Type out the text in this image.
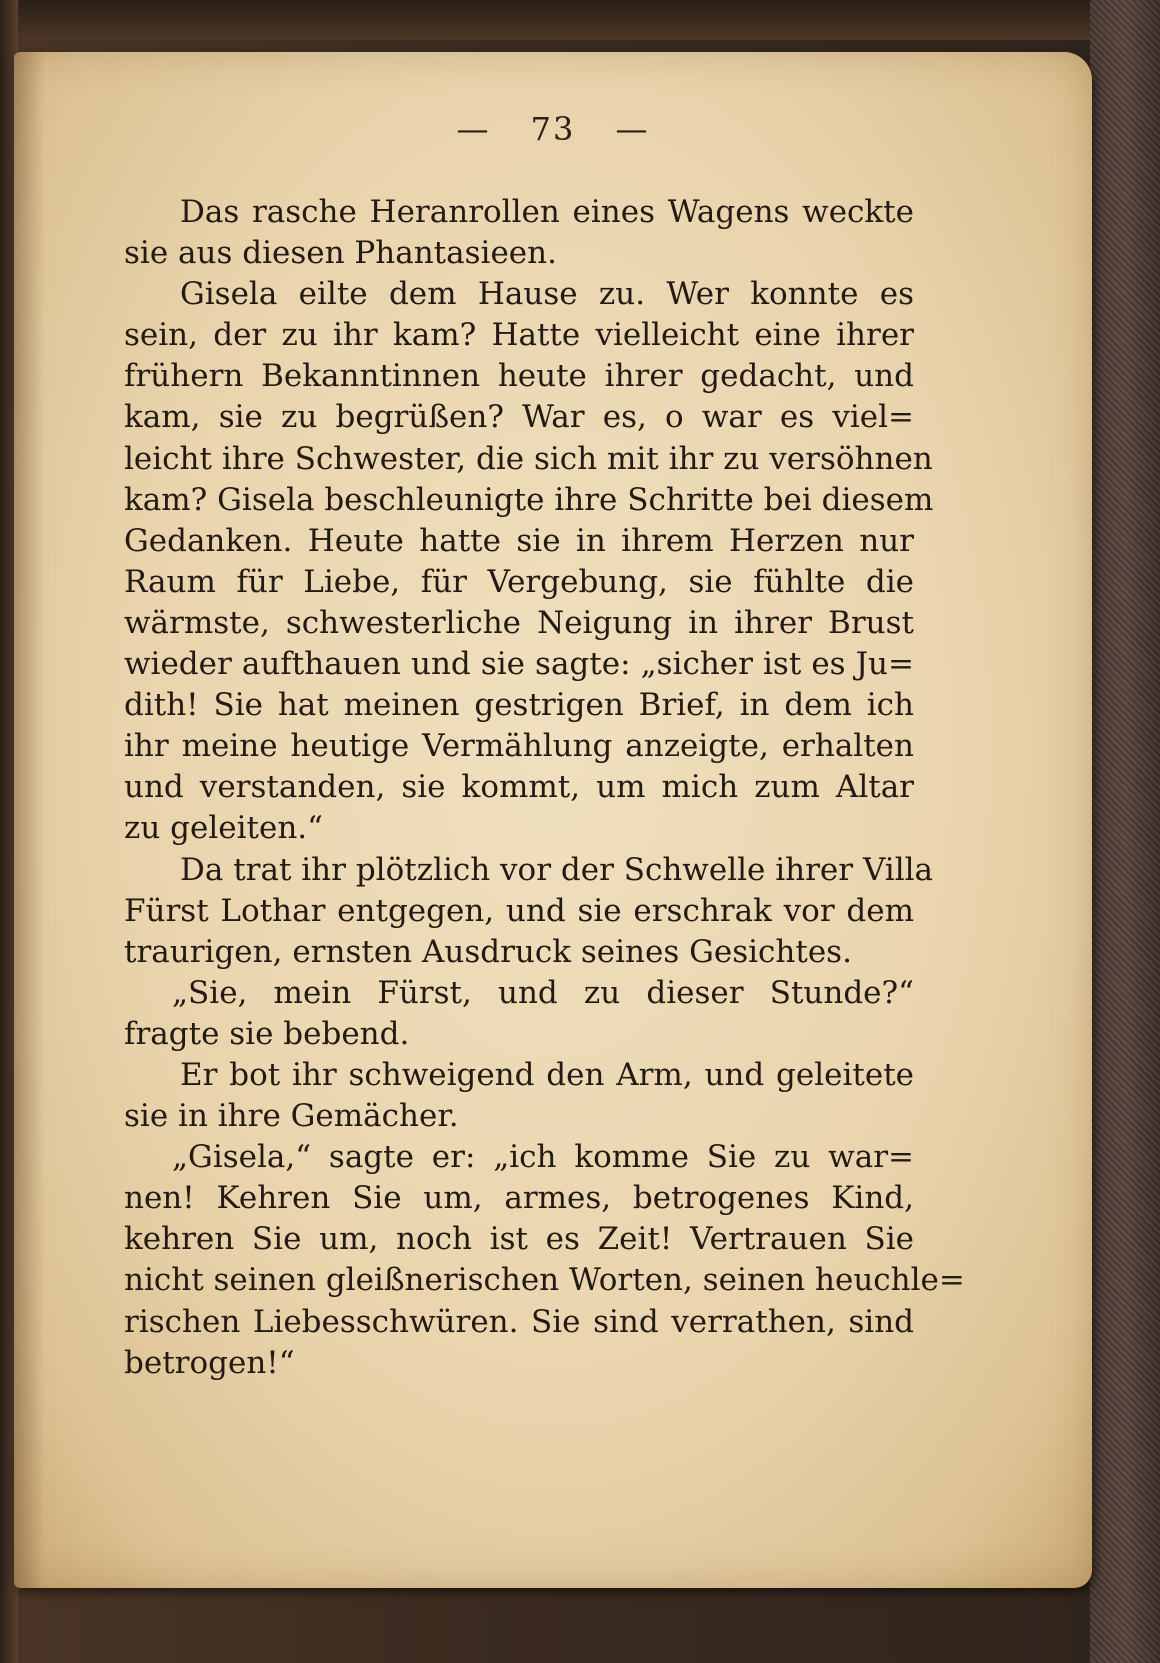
— 73 —
Das rasche Heranrollen eines Wagens weckte
sie aus diesen Phantasieen.
Gisela eilte dem Hause zu. Wer konnte es
sein, der zu ihr kam? Hatte vielleicht eine ihrer
frühern Bekanntinnen heute ihrer gedacht, und
kam, sie zu begrüßen? War es, o war es viel=
leicht ihre Schwester, die sich mit ihr zu versöhnen
kam? Gisela beschleunigte ihre Schritte bei diesem
Gedanken. Heute hatte sie in ihrem Herzen nur
Raum für Liebe, für Vergebung, sie fühlte die
wärmste, schwesterliche Neigung in ihrer Brust
wieder aufthauen und sie sagte: „sicher ist es Ju=
dith! Sie hat meinen gestrigen Brief, in dem ich
ihr meine heutige Vermählung anzeigte, erhalten
und verstanden, sie kommt, um mich zum Altar
zu geleiten.“
Da trat ihr plötzlich vor der Schwelle ihrer Villa
Fürst Lothar entgegen, und sie erschrak vor dem
traurigen, ernsten Ausdruck seines Gesichtes.
„Sie, mein Fürst, und zu dieser Stunde?“
fragte sie bebend.
Er bot ihr schweigend den Arm, und geleitete
sie in ihre Gemächer.
„Gisela,“ sagte er: „ich komme Sie zu war=
nen! Kehren Sie um, armes, betrogenes Kind,
kehren Sie um, noch ist es Zeit! Vertrauen Sie
nicht seinen gleißnerischen Worten, seinen heuchle=
rischen Liebesschwüren. Sie sind verrathen, sind
betrogen!“
